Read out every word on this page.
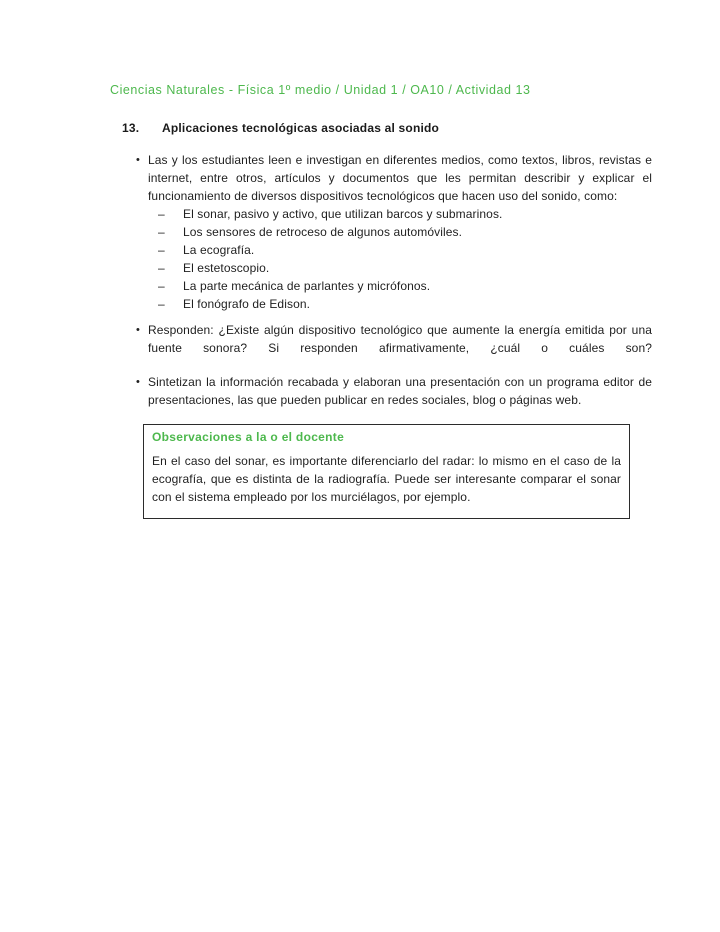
Ciencias Naturales - Física 1º medio / Unidad 1 / OA10 / Actividad 13
13. Aplicaciones tecnológicas asociadas al sonido
• Las y los estudiantes leen e investigan en diferentes medios, como textos, libros, revistas e internet, entre otros, artículos y documentos que les permitan describir y explicar el funcionamiento de diversos dispositivos tecnológicos que hacen uso del sonido, como:

–	El sonar, pasivo y activo, que utilizan barcos y submarinos.
–	Los sensores de retroceso de algunos automóviles.
–	La ecografía.
–	El estetoscopio.
–	La parte mecánica de parlantes y micrófonos.
–	El fonógrafo de Edison.
• Responden: ¿Existe algún dispositivo tecnológico que aumente la energía emitida por una fuente sonora? Si responden afirmativamente, ¿cuál o cuáles son?

• Sintetizan la información recabada y elaboran una presentación con un programa editor de presentaciones, las que pueden publicar en redes sociales, blog o páginas web.

Observaciones a la o el docente

En el caso del sonar, es importante diferenciarlo del radar: lo mismo en el caso de la ecografía, que es distinta de la radiografía. Puede ser interesante comparar el sonar con el sistema empleado por los murciélagos, por ejemplo.
